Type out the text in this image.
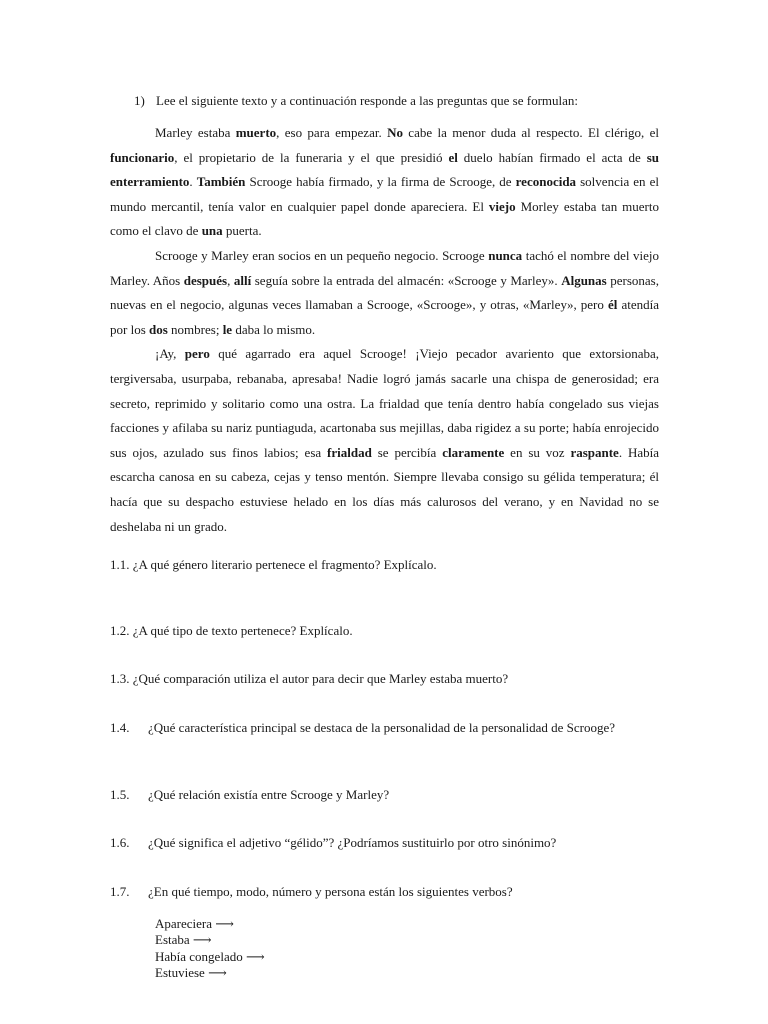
1) Lee el siguiente texto y a continuación responde a las preguntas que se formulan:

Marley estaba muerto, eso para empezar. No cabe la menor duda al respecto. El clérigo, el funcionario, el propietario de la funeraria y el que presidió el duelo habían firmado el acta de su enterramiento. También Scrooge había firmado, y la firma de Scrooge, de reconocida solvencia en el mundo mercantil, tenía valor en cualquier papel donde apareciera. El viejo Morley estaba tan muerto como el clavo de una puerta.

Scrooge y Marley eran socios en un pequeño negocio. Scrooge nunca tachó el nombre del viejo Marley. Años después, allí seguía sobre la entrada del almacén: «Scrooge y Marley». Algunas personas, nuevas en el negocio, algunas veces llamaban a Scrooge, «Scrooge», y otras, «Marley», pero él atendía por los dos nombres; le daba lo mismo.

¡Ay, pero qué agarrado era aquel Scrooge! ¡Viejo pecador avariento que extorsionaba, tergiversaba, usurpaba, rebanaba, apresaba! Nadie logró jamás sacarle una chispa de generosidad; era secreto, reprimido y solitario como una ostra. La frialdad que tenía dentro había congelado sus viejas facciones y afilaba su nariz puntiaguda, acartonaba sus mejillas, daba rigidez a su porte; había enrojecido sus ojos, azulado sus finos labios; esa frialdad se percibía claramente en su voz raspante. Había escarcha canosa en su cabeza, cejas y tenso mentón. Siempre llevaba consigo su gélida temperatura; él hacía que su despacho estuviese helado en los días más calurosos del verano, y en Navidad no se deshelaba ni un grado.

1.1. ¿A qué género literario pertenece el fragmento? Explícalo.
1.2. ¿A qué tipo de texto pertenece? Explícalo.
1.3. ¿Qué comparación utiliza el autor para decir que Marley estaba muerto?
1.4. ¿Qué característica principal se destaca de la personalidad de la personalidad de Scrooge?
1.5. ¿Qué relación existía entre Scrooge y Marley?
1.6. ¿Qué significa el adjetivo “gélido”? ¿Podríamos sustituirlo por otro sinónimo?
1.7. ¿En qué tiempo, modo, número y persona están los siguientes verbos?
Apareciera ⟶
Estaba ⟶
Había congelado ⟶
Estuviese ⟶
